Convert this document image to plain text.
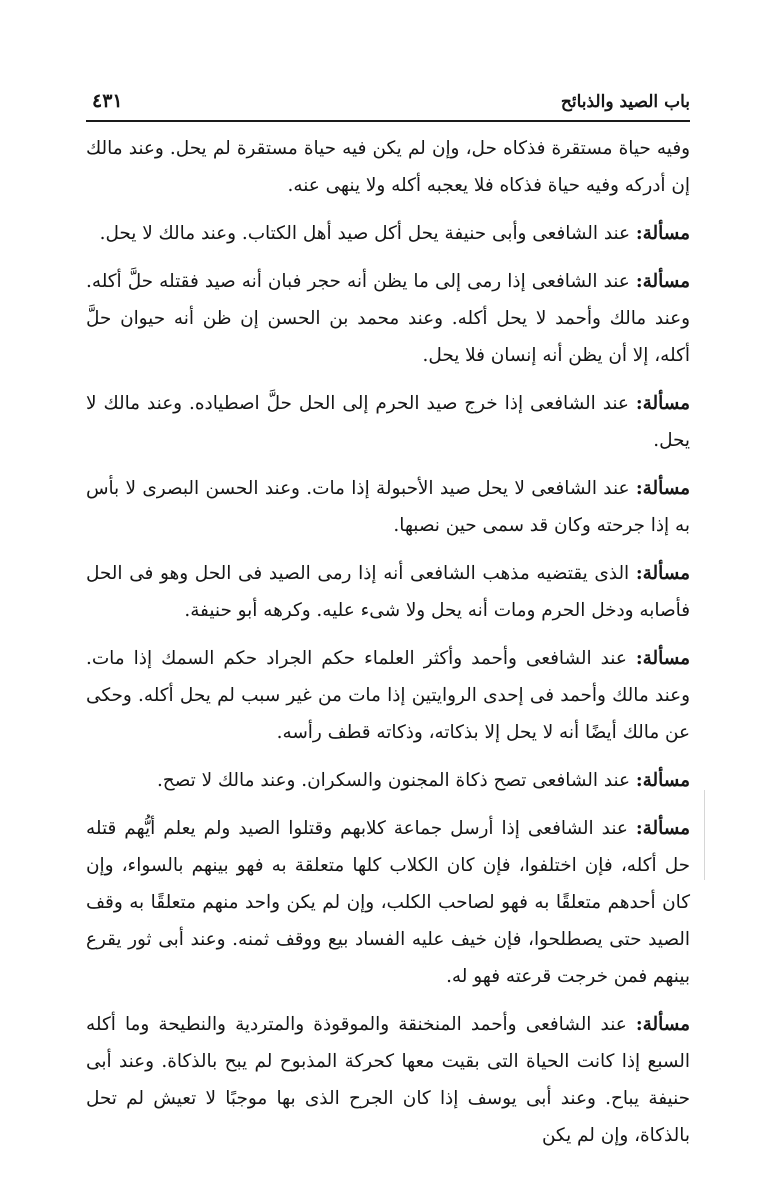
باب الصيد والذبائح
٤٣١

وفيه حياة مستقرة فذكاه حل، وإن لم يكن فيه حياة مستقرة لم يحل. وعند مالك إن أدركه وفيه حياة فذكاه فلا يعجبه أكله ولا ينهى عنه.

مسألة: عند الشافعى وأبى حنيفة يحل أكل صيد أهل الكتاب. وعند مالك لا يحل.

مسألة: عند الشافعى إذا رمى إلى ما يظن أنه حجر فبان أنه صيد فقتله حلَّ أكله. وعند مالك وأحمد لا يحل أكله. وعند محمد بن الحسن إن ظن أنه حيوان حلَّ أكله، إلا أن يظن أنه إنسان فلا يحل.

مسألة: عند الشافعى إذا خرج صيد الحرم إلى الحل حلَّ اصطياده. وعند مالك لا يحل.

مسألة: عند الشافعى لا يحل صيد الأحبولة إذا مات. وعند الحسن البصرى لا بأس به إذا جرحته وكان قد سمى حين نصبها.

مسألة: الذى يقتضيه مذهب الشافعى أنه إذا رمى الصيد فى الحل وهو فى الحل فأصابه ودخل الحرم ومات أنه يحل ولا شىء عليه. وكرهه أبو حنيفة.

مسألة: عند الشافعى وأحمد وأكثر العلماء حكم الجراد حكم السمك إذا مات. وعند مالك وأحمد فى إحدى الروايتين إذا مات من غير سبب لم يحل أكله. وحكى عن مالك أيضًا أنه لا يحل إلا بذكاته، وذكاته قطف رأسه.

مسألة: عند الشافعى تصح ذكاة المجنون والسكران. وعند مالك لا تصح.

مسألة: عند الشافعى إذا أرسل جماعة كلابهم وقتلوا الصيد ولم يعلم أيُّهم قتله حل أكله، فإن اختلفوا، فإن كان الكلاب كلها متعلقة به فهو بينهم بالسواء، وإن كان أحدهم متعلقًا به فهو لصاحب الكلب، وإن لم يكن واحد منهم متعلقًا به وقف الصيد حتى يصطلحوا، فإن خيف عليه الفساد بيع ووقف ثمنه. وعند أبى ثور يقرع بينهم فمن خرجت قرعته فهو له.

مسألة: عند الشافعى وأحمد المنخنقة والموقوذة والمتردية والنطيحة وما أكله السبع إذا كانت الحياة التى بقيت معها كحركة المذبوح لم يبح بالذكاة. وعند أبى حنيفة يباح. وعند أبى يوسف إذا كان الجرح الذى بها موجبًا لا تعيش لم تحل بالذكاة، وإن لم يكن
